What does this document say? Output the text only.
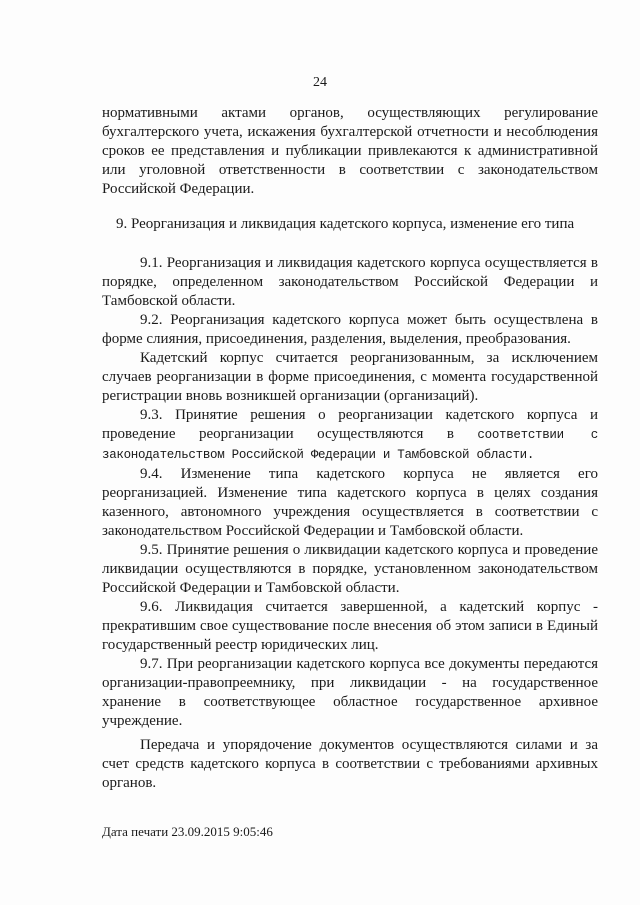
24

нормативными актами органов, осуществляющих регулирование бухгалтерского учета, искажения бухгалтерской отчетности и несоблюдения сроков ее представления и публикации привлекаются к административной или уголовной ответственности в соответствии с законодательством Российской Федерации.

9. Реорганизация и ликвидация кадетского корпуса, изменение его типа

9.1. Реорганизация и ликвидация кадетского корпуса осуществляется в порядке, определенном законодательством Российской Федерации и Тамбовской области.

9.2. Реорганизация кадетского корпуса может быть осуществлена в форме слияния, присоединения, разделения, выделения, преобразования.

Кадетский корпус считается реорганизованным, за исключением случаев реорганизации в форме присоединения, с момента государственной регистрации вновь возникшей организации (организаций).

9.3. Принятие решения о реорганизации кадетского корпуса и проведение реорганизации осуществляются в соответствии с законодательством Российской Федерации и Тамбовской области.

9.4. Изменение типа кадетского корпуса не является его реорганизацией. Изменение типа кадетского корпуса в целях создания казенного, автономного учреждения осуществляется в соответствии с законодательством Российской Федерации и Тамбовской области.

9.5. Принятие решения о ликвидации кадетского корпуса и проведение ликвидации осуществляются в порядке, установленном законодательством Российской Федерации и Тамбовской области.

9.6. Ликвидация считается завершенной, а кадетский корпус - прекратившим свое существование после внесения об этом записи в Единый государственный реестр юридических лиц.

9.7. При реорганизации кадетского корпуса все документы передаются организации-правопреемнику, при ликвидации - на государственное хранение в соответствующее областное государственное архивное учреждение.

Передача и упорядочение документов осуществляются силами и за счет средств кадетского корпуса в соответствии с требованиями архивных органов.

Дата печати 23.09.2015 9:05:46
